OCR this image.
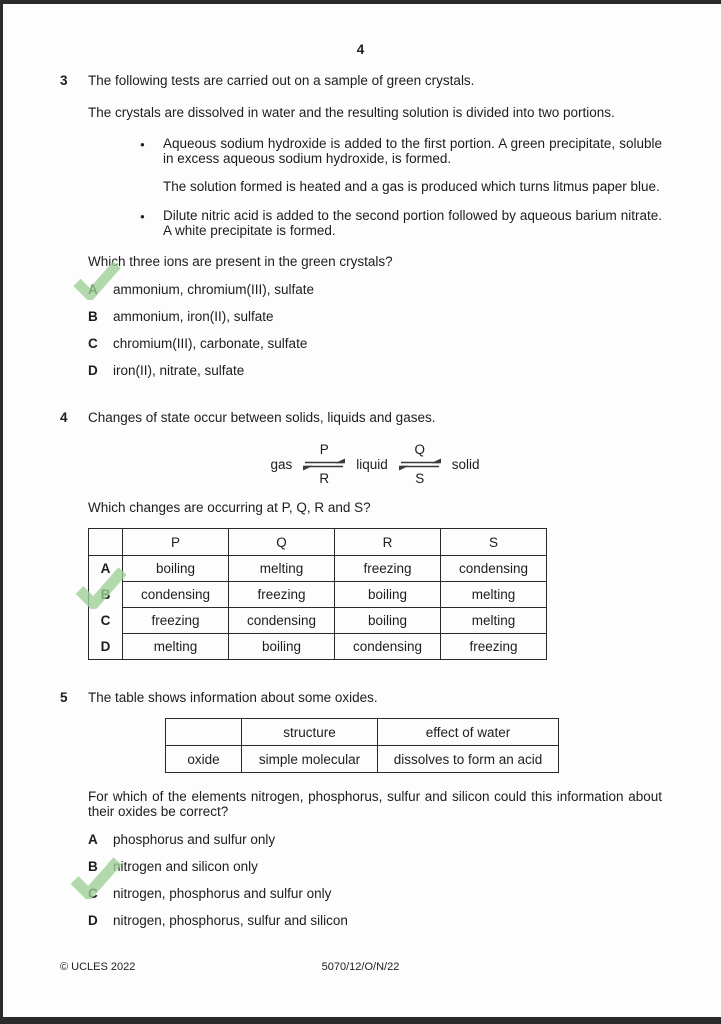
4
3	The following tests are carried out on a sample of green crystals.

The crystals are dissolved in water and the resulting solution is divided into two portions.

●	Aqueous sodium hydroxide is added to the first portion. A green precipitate, soluble in excess aqueous sodium hydroxide, is formed.

The solution formed is heated and a gas is produced which turns litmus paper blue.

●	Dilute nitric acid is added to the second portion followed by aqueous barium nitrate. A white precipitate is formed.

Which three ions are present in the green crystals?

A	ammonium, chromium(III), sulfate
B	ammonium, iron(II), sulfate
C	chromium(III), carbonate, sulfate
D	iron(II), nitrate, sulfate
4	Changes of state occur between solids, liquids and gases.

gas
P
R
liquid
Q
S
solid

Which changes are occurring at P, Q, R and S?

	P	Q	R	S
A	boiling	melting	freezing	condensing
B	condensing	freezing	boiling	melting
C	freezing	condensing	boiling	melting
D	melting	boiling	condensing	freezing
5	The table shows information about some oxides.

	structure	effect of water
oxide	simple molecular	dissolves to form an acid

For which of the elements nitrogen, phosphorus, sulfur and silicon could this information about their oxides be correct?

A	phosphorus and sulfur only
B	nitrogen and silicon only
C	nitrogen, phosphorus and sulfur only
D	nitrogen, phosphorus, sulfur and silicon
© UCLES 2022	5070/12/O/N/22
